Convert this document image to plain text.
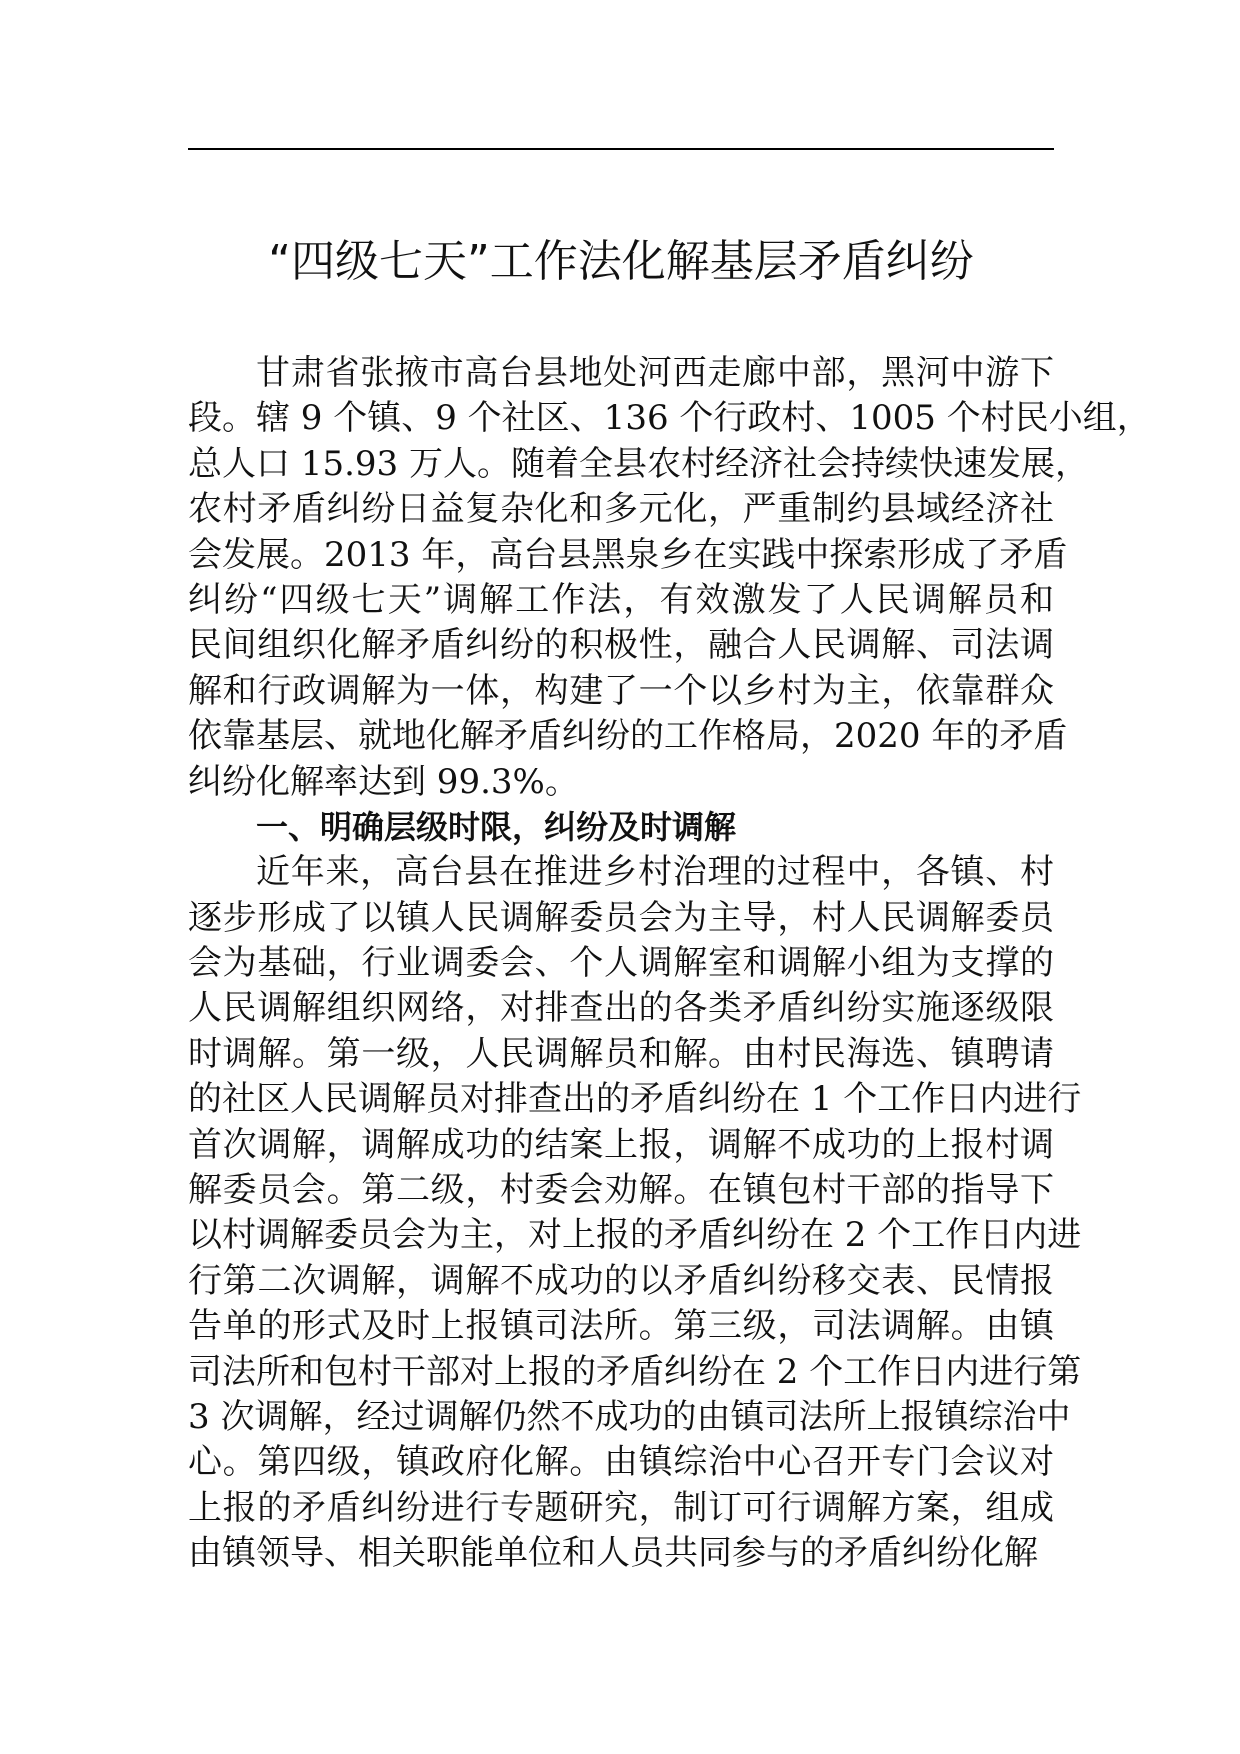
“四级七天”工作法化解基层矛盾纠纷
甘肃省张掖市高台县地处河西走廊中部，黑河中游下
段。辖 9 个镇、9 个社区、136 个行政村、1005 个村民小组，
总人口 15.93 万人。随着全县农村经济社会持续快速发展，
农村矛盾纠纷日益复杂化和多元化，严重制约县域经济社
会发展。2013 年，高台县黑泉乡在实践中探索形成了矛盾
纠纷“四级七天”调解工作法，有效激发了人民调解员和
民间组织化解矛盾纠纷的积极性，融合人民调解、司法调
解和行政调解为一体，构建了一个以乡村为主，依靠群众
依靠基层、就地化解矛盾纠纷的工作格局，2020 年的矛盾
纠纷化解率达到 99.3%。
一、明确层级时限，纠纷及时调解
近年来，高台县在推进乡村治理的过程中，各镇、村
逐步形成了以镇人民调解委员会为主导，村人民调解委员
会为基础，行业调委会、个人调解室和调解小组为支撑的
人民调解组织网络，对排查出的各类矛盾纠纷实施逐级限
时调解。第一级，人民调解员和解。由村民海选、镇聘请
的社区人民调解员对排查出的矛盾纠纷在 1 个工作日内进行
首次调解，调解成功的结案上报，调解不成功的上报村调
解委员会。第二级，村委会劝解。在镇包村干部的指导下
以村调解委员会为主，对上报的矛盾纠纷在 2 个工作日内进
行第二次调解，调解不成功的以矛盾纠纷移交表、民情报
告单的形式及时上报镇司法所。第三级，司法调解。由镇
司法所和包村干部对上报的矛盾纠纷在 2 个工作日内进行第
3 次调解，经过调解仍然不成功的由镇司法所上报镇综治中
心。第四级，镇政府化解。由镇综治中心召开专门会议对
上报的矛盾纠纷进行专题研究，制订可行调解方案，组成
由镇领导、相关职能单位和人员共同参与的矛盾纠纷化解
